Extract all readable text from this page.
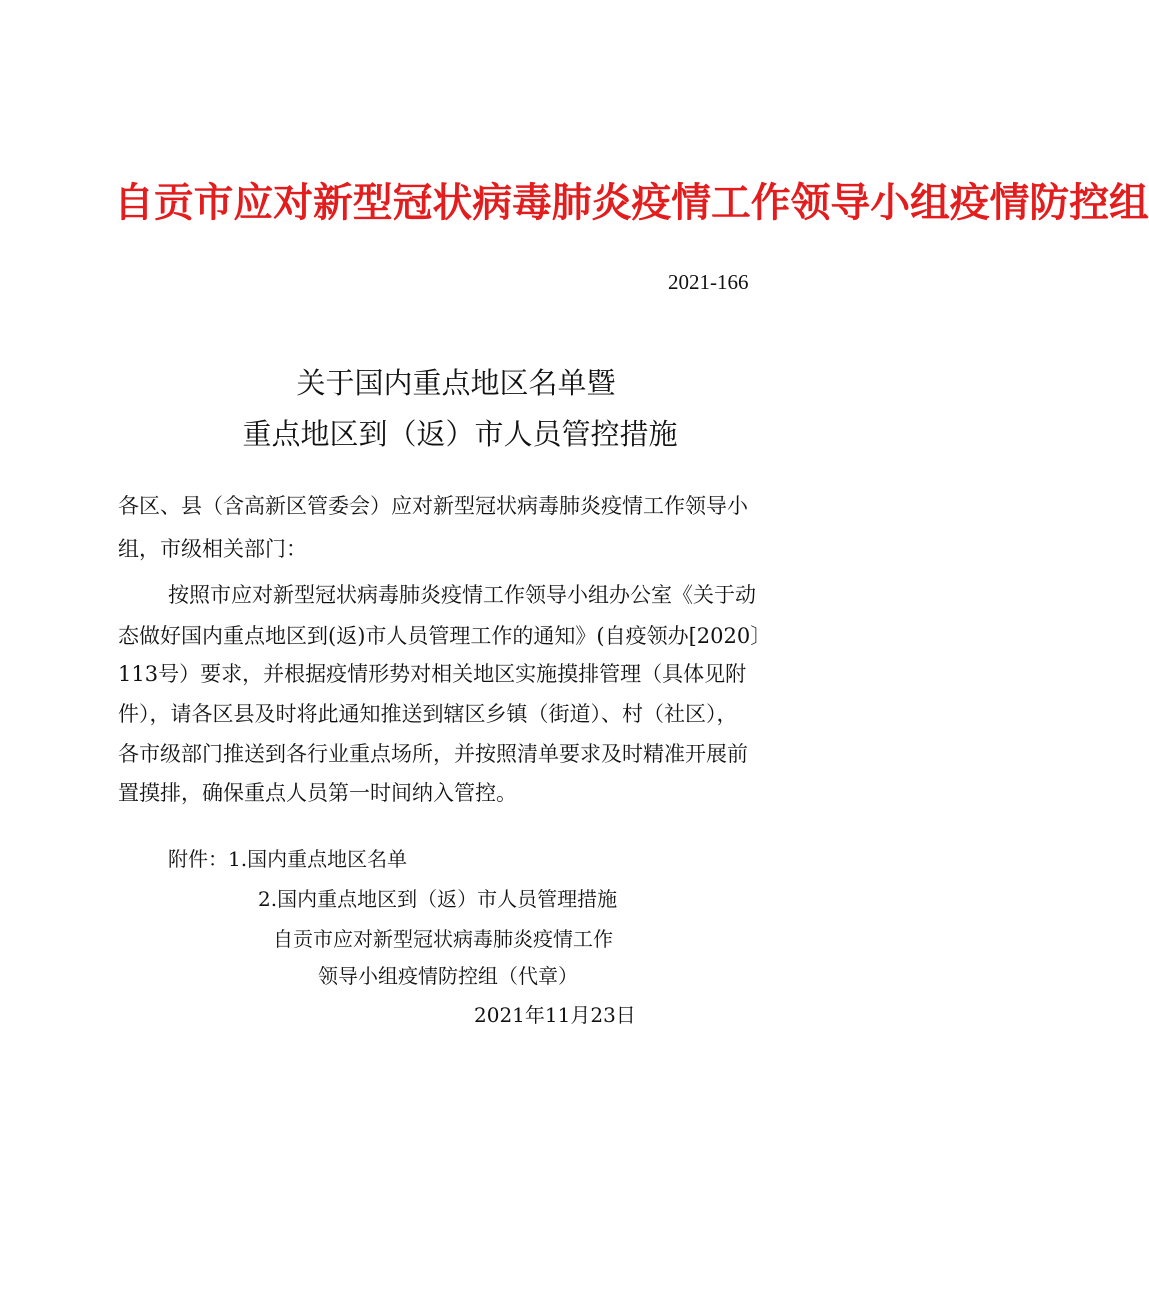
自贡市应对新型冠状病毒肺炎疫情工作领导小组疫情防控组
2021-166
关于国内重点地区名单暨
重点地区到（返）市人员管控措施
各区、县（含高新区管委会）应对新型冠状病毒肺炎疫情工作领导小
组，市级相关部门：
按照市应对新型冠状病毒肺炎疫情工作领导小组办公室《关于动
态做好国内重点地区到(返)市人员管理工作的通知》(自疫领办[2020〕
113号）要求，并根据疫情形势对相关地区实施摸排管理（具体见附
件），请各区县及时将此通知推送到辖区乡镇（街道）、村（社区），
各市级部门推送到各行业重点场所，并按照清单要求及时精准开展前
置摸排，确保重点人员第一时间纳入管控。
附件：1.国内重点地区名单
2.国内重点地区到（返）市人员管理措施
自贡市应对新型冠状病毒肺炎疫情工作
领导小组疫情防控组（代章）
2021年11月23日
